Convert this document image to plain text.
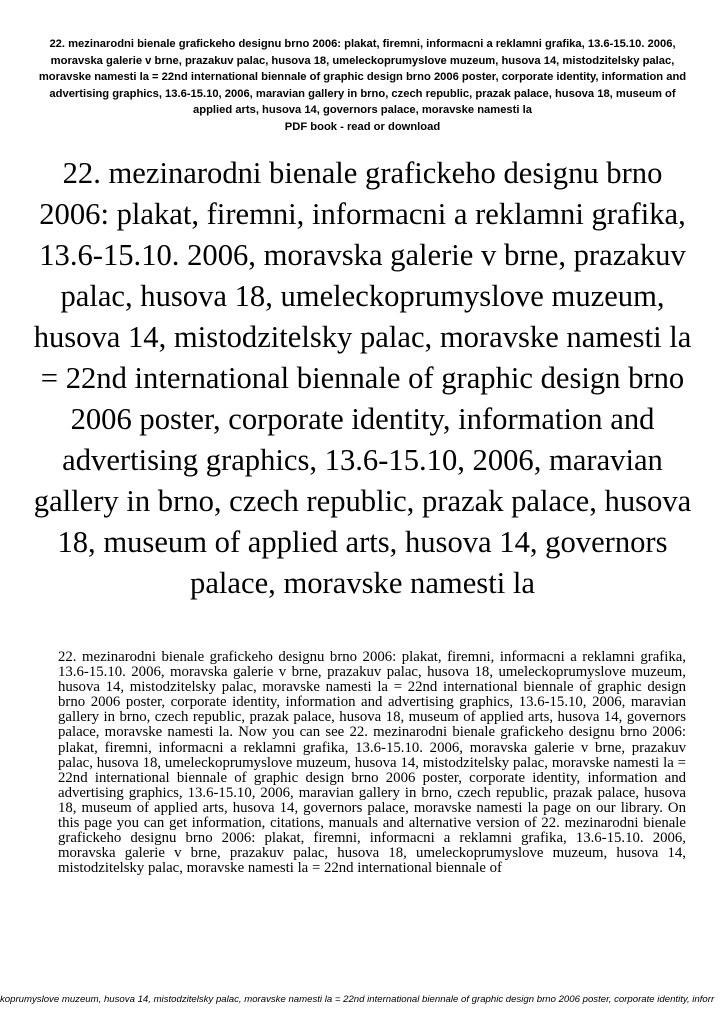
22. mezinarodni bienale grafickeho designu brno 2006: plakat, firemni, informacni a reklamni grafika, 13.6-15.10. 2006, moravska galerie v brne, prazakuv palac, husova 18, umeleckoprumyslove muzeum, husova 14, mistodzitelsky palac, moravske namesti la = 22nd international biennale of graphic design brno 2006 poster, corporate identity, information and advertising graphics, 13.6-15.10, 2006, maravian gallery in brno, czech republic, prazak palace, husova 18, museum of applied arts, husova 14, governors palace, moravske namesti la
PDF book - read or download
22. mezinarodni bienale grafickeho designu brno 2006: plakat, firemni, informacni a reklamni grafika, 13.6-15.10. 2006, moravska galerie v brne, prazakuv palac, husova 18, umeleckoprumyslove muzeum, husova 14, mistodzitelsky palac, moravske namesti la = 22nd international biennale of graphic design brno 2006 poster, corporate identity, information and advertising graphics, 13.6-15.10, 2006, maravian gallery in brno, czech republic, prazak palace, husova 18, museum of applied arts, husova 14, governors palace, moravske namesti la

22. mezinarodni bienale grafickeho designu brno 2006: plakat, firemni, informacni a reklamni grafika, 13.6-15.10. 2006, moravska galerie v brne, prazakuv palac, husova 18, umeleckoprumyslove muzeum, husova 14, mistodzitelsky palac, moravske namesti la = 22nd international biennale of graphic design brno 2006 poster, corporate identity, information and advertising graphics, 13.6-15.10, 2006, maravian gallery in brno, czech republic, prazak palace, husova 18, museum of applied arts, husova 14, governors palace, moravske namesti la. Now you can see 22. mezinarodni bienale grafickeho designu brno 2006: plakat, firemni, informacni a reklamni grafika, 13.6-15.10. 2006, moravska galerie v brne, prazakuv palac, husova 18, umeleckoprumyslove muzeum, husova 14, mistodzitelsky palac, moravske namesti la = 22nd international biennale of graphic design brno 2006 poster, corporate identity, information and advertising graphics, 13.6-15.10, 2006, maravian gallery in brno, czech republic, prazak palace, husova 18, museum of applied arts, husova 14, governors palace, moravske namesti la page on our library. On this page you can get information, citations, manuals and alternative version of 22. mezinarodni bienale grafickeho designu brno 2006: plakat, firemni, informacni a reklamni grafika, 13.6-15.10. 2006, moravska galerie v brne, prazakuv palac, husova 18, umeleckoprumyslove muzeum, husova 14, mistodzitelsky palac, moravske namesti la = 22nd international biennale of

koprumyslove muzeum, husova 14, mistodzitelsky palac, moravske namesti la = 22nd international biennale of graphic design brno 2006 poster, corporate identity, inforr
